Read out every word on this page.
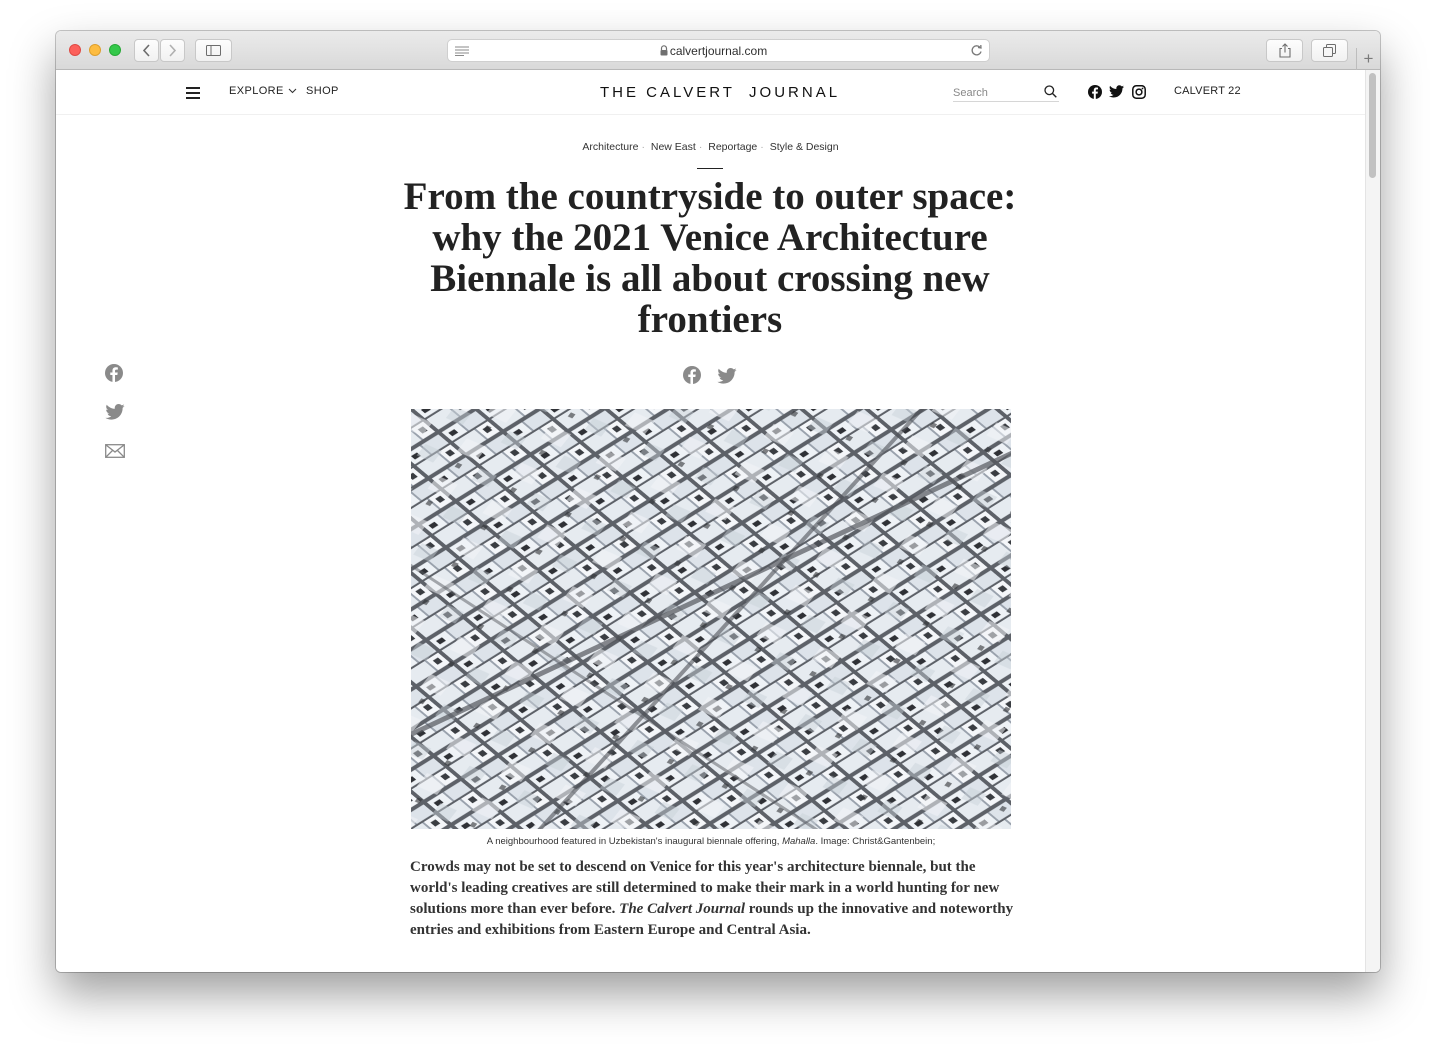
calvertjournal.com	+
EXPLORE SHOP	THE CALVERT  JOURNAL
Search	CALVERT 22
Architecture · New East · Reportage · Style & Design
From the countryside to outer space: why the 2021 Venice Architecture Biennale is all about crossing new frontiers
A neighbourhood featured in Uzbekistan's inaugural biennale offering, Mahalla. Image: Christ&Gantenbein;

Crowds may not be set to descend on Venice for this year's architecture biennale, but the world's leading creatives are still determined to make their mark in a world hunting for new solutions more than ever before. The Calvert Journal rounds up the innovative and noteworthy entries and exhibitions from Eastern Europe and Central Asia.
